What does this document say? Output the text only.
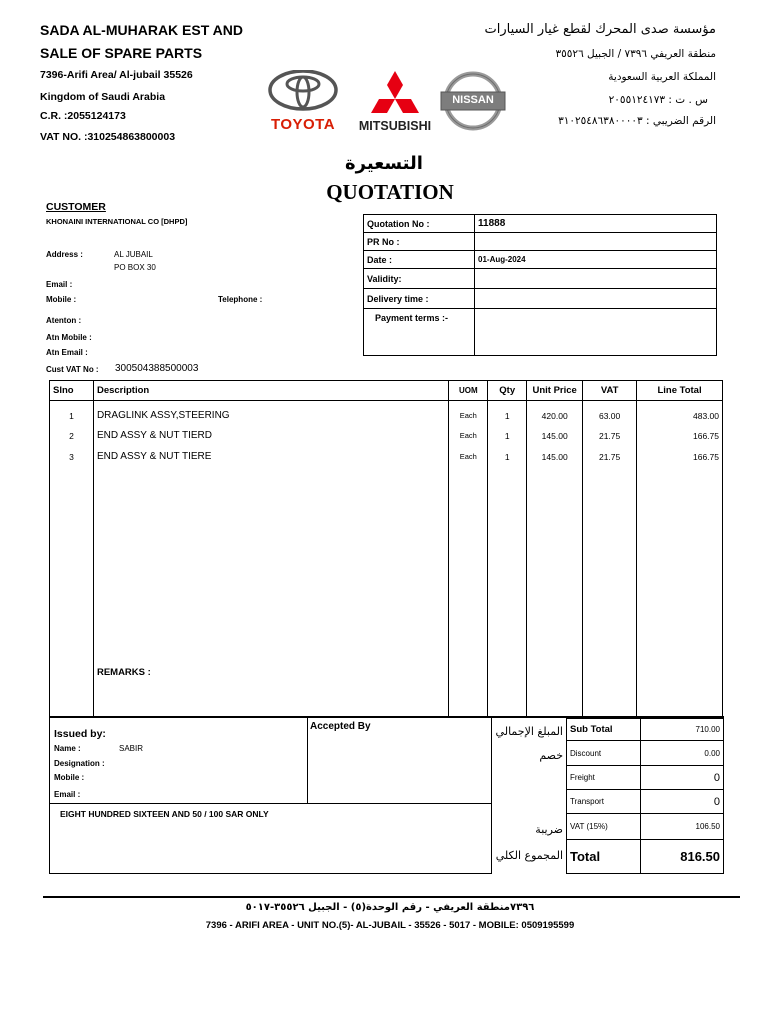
SADA AL-MUHARAK EST AND
SALE OF SPARE PARTS
7396-Arifi Area/ Al-jubail 35526
Kingdom of Saudi Arabia
C.R. :2055124173
VAT NO. :310254863800003
مؤسسة صدى المحرك لقطع غيار السيارات
منطقة العريفي ٧٣٩٦ / الجبيل ٣٥٥٢٦
المملكة العربية السعودية
س . ت : ٢٠٥٥١٢٤١٧٣
الرقم الضريبي : ٣١٠٢٥٤٨٦٣٨٠٠٠٠٣
TOYOTA	MITSUBISHI
NISSAN
التسعيرة
QUOTATION
CUSTOMER
KHONAINI INTERNATIONAL CO [DHPD]
Address :	AL JUBAIL
PO BOX 30
Email :
Mobile :	Telephone :
Atenton :
Atn Mobile :
Atn Email :
Cust VAT No : 300504388500003
Quotation No :	11888
PR No :	
Date :	01-Aug-2024
Validity:	
Delivery time :	
Payment terms :-	
Slno	Description	UOM	Qty	Unit Price	VAT	Line Total
1	DRAGLINK ASSY,STEERING	Each	1	420.00	63.00	483.00
2	END ASSY & NUT TIERD	Each	1	145.00	21.75	166.75
3	END ASSY & NUT TIERE	Each	1	145.00	21.75	166.75
	REMARKS :					
Issued by:
Name :	SABIR
Designation :
Mobile :
Email :
Accepted By
EIGHT HUNDRED SIXTEEN AND 50 / 100 SAR ONLY
المبلغ الإجمالي
خصم
ضريبة
المجموع الكلي
Sub Total	710.00
Discount	0.00
Freight	0
Transport	0
VAT (15%)	106.50
Total	816.50
٧٣٩٦منطقة العريفي - رقم الوحدة(٥) - الجبيل ٣٥٥٢٦-٥٠١٧
7396 - ARIFI AREA - UNIT NO.(5)- AL-JUBAIL - 35526 - 5017 - MOBILE: 0509195599
